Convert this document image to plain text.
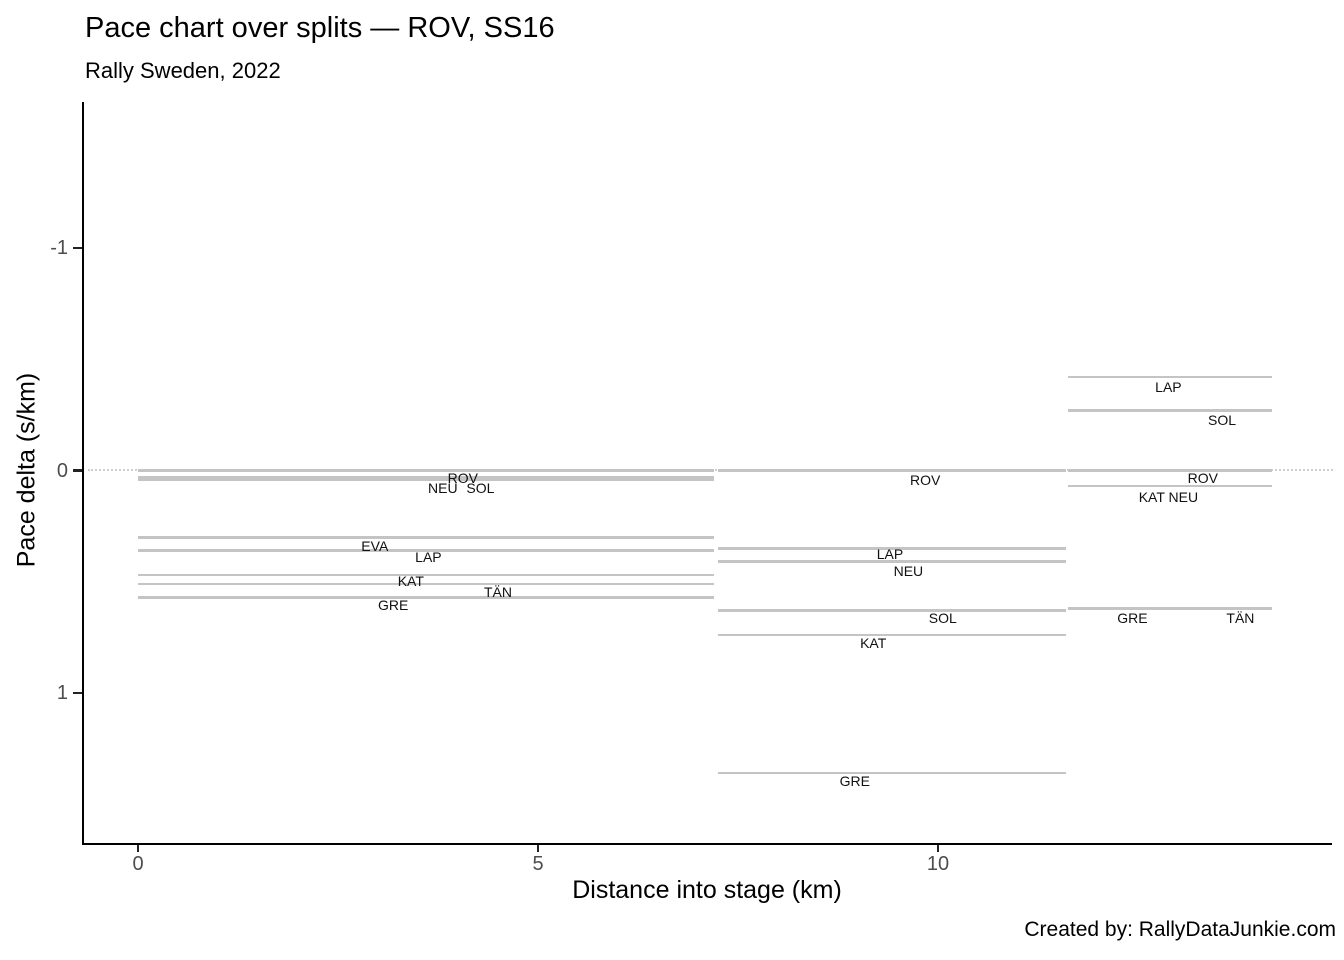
Pace chart over splits — ROV, SS16
Rally Sweden, 2022
Pace delta (s/km)
-1
0
1
0	5	10
ROV
NEU SOL
EVA
LAP
KAT
TÄN
GRE
ROV
LAP
NEU
SOL
KAT
GRE
LAP
SOL
ROV
KAT NEU
GRE	TÄN
Distance into stage (km)
Created by: RallyDataJunkie.com
